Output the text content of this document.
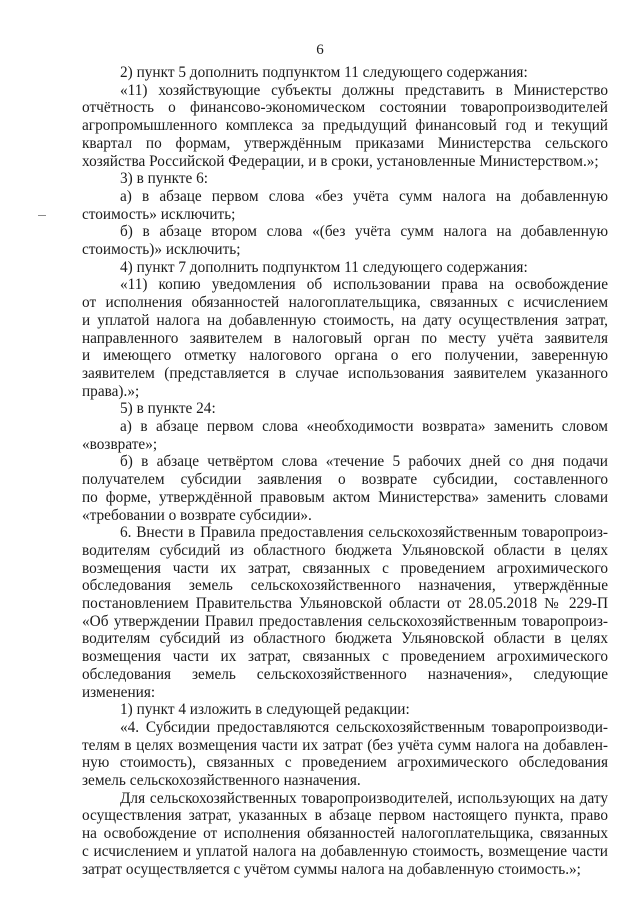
6
2) пункт 5 дополнить подпунктом 11 следующего содержания:
«11) хозяйствующие субъекты должны представить в Министерство
отчётность о финансово-экономическом состоянии товаропроизводителей
агропромышленного комплекса за предыдущий финансовый год и текущий
квартал по формам, утверждённым приказами Министерства сельского
хозяйства Российской Федерации, и в сроки, установленные Министерством.»;
3) в пункте 6:
а) в абзаце первом слова «без учёта сумм налога на добавленную
стоимость» исключить;
б) в абзаце втором слова «(без учёта сумм налога на добавленную
стоимость)» исключить;
4) пункт 7 дополнить подпунктом 11 следующего содержания:
«11) копию уведомления об использовании права на освобождение
от исполнения обязанностей налогоплательщика, связанных с исчислением
и уплатой налога на добавленную стоимость, на дату осуществления затрат,
направленного заявителем в налоговый орган по месту учёта заявителя
и имеющего отметку налогового органа о его получении, заверенную
заявителем (представляется в случае использования заявителем указанного
права).»;
5) в пункте 24:
а) в абзаце первом слова «необходимости возврата» заменить словом
«возврате»;
б) в абзаце четвёртом слова «течение 5 рабочих дней со дня подачи
получателем субсидии заявления о возврате субсидии, составленного
по форме, утверждённой правовым актом Министерства» заменить словами
«требовании о возврате субсидии».
6. Внести в Правила предоставления сельскохозяйственным товаропроиз-
водителям субсидий из областного бюджета Ульяновской области в целях
возмещения части их затрат, связанных с проведением агрохимического
обследования земель сельскохозяйственного назначения, утверждённые
постановлением Правительства Ульяновской области от 28.05.2018 № 229-П
«Об утверждении Правил предоставления сельскохозяйственным товаропроиз-
водителям субсидий из областного бюджета Ульяновской области в целях
возмещения части их затрат, связанных с проведением агрохимического
обследования земель сельскохозяйственного назначения», следующие
изменения:
1) пункт 4 изложить в следующей редакции:
«4. Субсидии предоставляются сельскохозяйственным товаропроизводи-
телям в целях возмещения части их затрат (без учёта сумм налога на добавлен-
ную стоимость), связанных с проведением агрохимического обследования
земель сельскохозяйственного назначения.
Для сельскохозяйственных товаропроизводителей, использующих на дату
осуществления затрат, указанных в абзаце первом настоящего пункта, право
на освобождение от исполнения обязанностей налогоплательщика, связанных
с исчислением и уплатой налога на добавленную стоимость, возмещение части
затрат осуществляется с учётом суммы налога на добавленную стоимость.»;
